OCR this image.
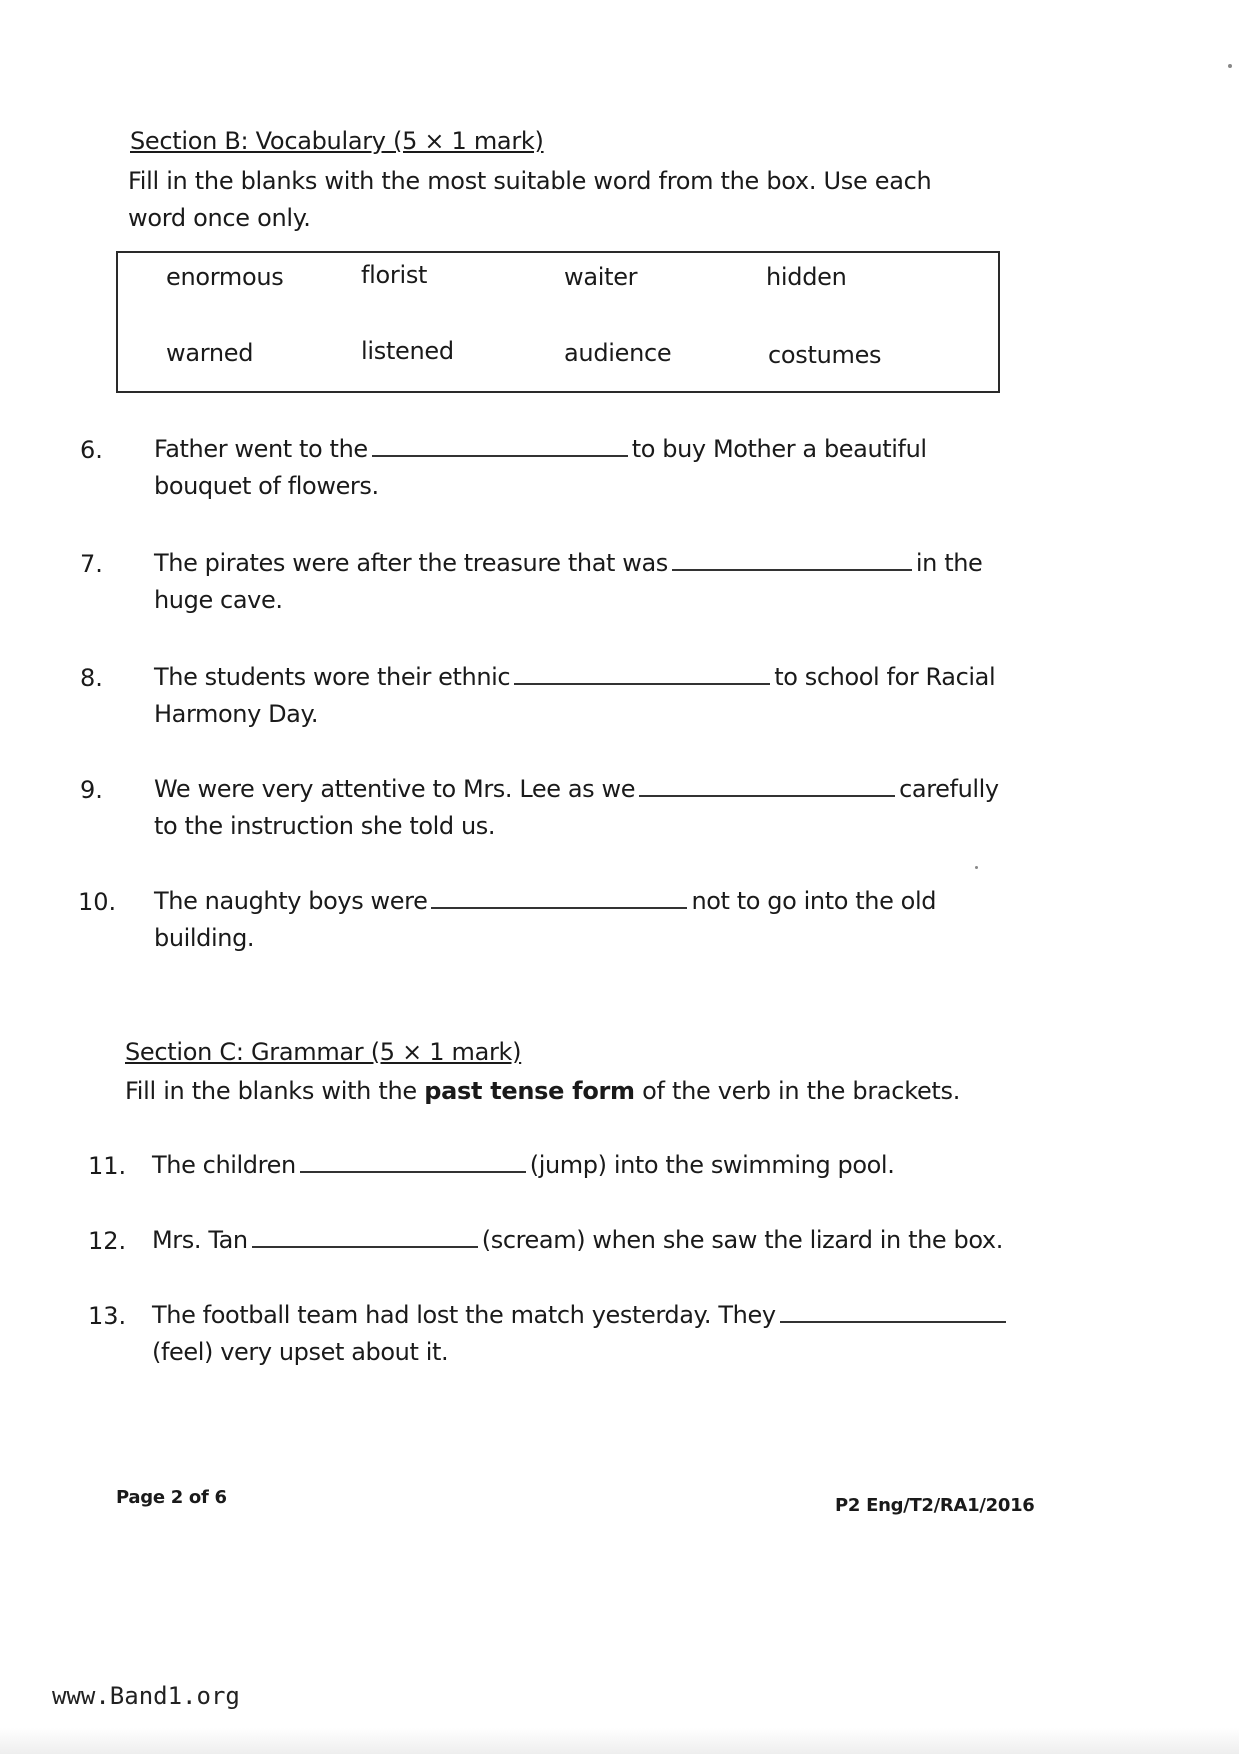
Section B: Vocabulary (5 × 1 mark)
Fill in the blanks with the most suitable word from the box. Use each
word once only.
enormous	florist	waiter	hidden
warned	listened	audience	costumes
6. Father went to the	to buy Mother a beautiful
bouquet of flowers.
7. The pirates were after the treasure that was	in the
huge cave.
8. The students wore their ethnic	to school for Racial
Harmony Day.
9. We were very attentive to Mrs. Lee as we	carefully
to the instruction she told us.
10. The naughty boys were	not to go into the old
building.
Section C: Grammar (5 × 1 mark)
Fill in the blanks with the past tense form of the verb in the brackets.
11. The children	(jump) into the swimming pool.
12. Mrs. Tan	(scream) when she saw the lizard in the box.
13. The football team had lost the match yesterday. They
(feel) very upset about it.
Page 2 of 6	P2 Eng/T2/RA1/2016
www.Band1.org
